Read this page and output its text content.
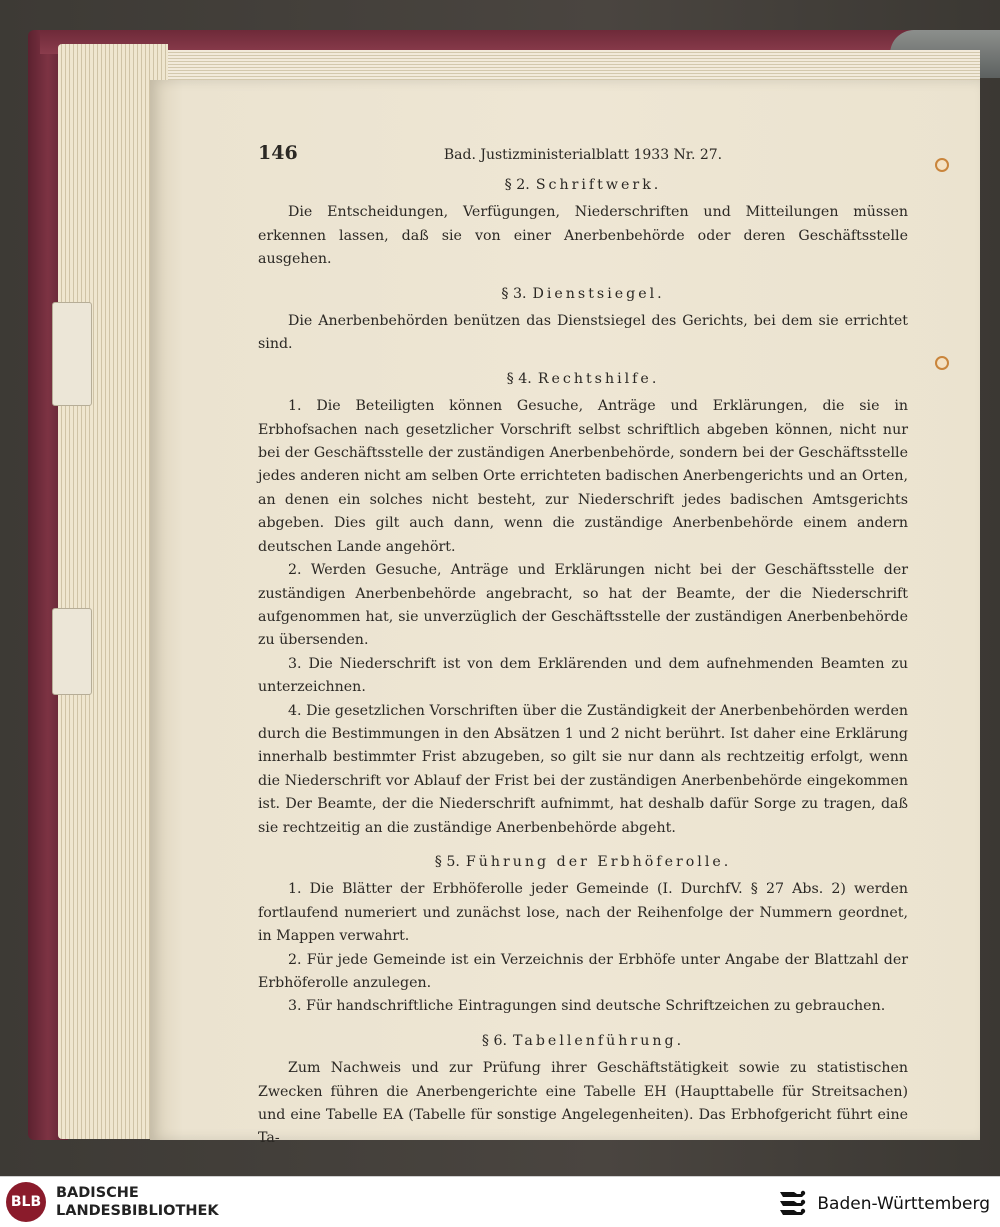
146	Bad. Justizministerialblatt 1933 Nr. 27.
§ 2. Schriftwerk.

Die Entscheidungen, Verfügungen, Niederschriften und Mitteilungen müssen erkennen lassen, daß sie von einer Anerbenbehörde oder deren Geschäftsstelle ausgehen.

§ 3. Dienstsiegel.

Die Anerbenbehörden benützen das Dienstsiegel des Gerichts, bei dem sie errichtet sind.

§ 4. Rechtshilfe.

1. Die Beteiligten können Gesuche, Anträge und Erklärungen, die sie in Erbhofsachen nach gesetzlicher Vorschrift selbst schriftlich abgeben können, nicht nur bei der Geschäftsstelle der zuständigen Anerbenbehörde, sondern bei der Geschäftsstelle jedes anderen nicht am selben Orte errichteten badischen Anerbengerichts und an Orten, an denen ein solches nicht besteht, zur Niederschrift jedes badischen Amtsgerichts abgeben. Dies gilt auch dann, wenn die zuständige Anerbenbehörde einem andern deutschen Lande angehört.

2. Werden Gesuche, Anträge und Erklärungen nicht bei der Geschäftsstelle der zuständigen Anerbenbehörde angebracht, so hat der Beamte, der die Niederschrift aufgenommen hat, sie unverzüglich der Geschäftsstelle der zuständigen Anerbenbehörde zu übersenden.

3. Die Niederschrift ist von dem Erklärenden und dem aufnehmenden Beamten zu unterzeichnen.

4. Die gesetzlichen Vorschriften über die Zuständigkeit der Anerbenbehörden werden durch die Bestimmungen in den Absätzen 1 und 2 nicht berührt. Ist daher eine Erklärung innerhalb bestimmter Frist abzugeben, so gilt sie nur dann als rechtzeitig erfolgt, wenn die Niederschrift vor Ablauf der Frist bei der zuständigen Anerbenbehörde eingekommen ist. Der Beamte, der die Niederschrift aufnimmt, hat deshalb dafür Sorge zu tragen, daß sie rechtzeitig an die zuständige Anerbenbehörde abgeht.

§ 5. Führung der Erbhöferolle.

1. Die Blätter der Erbhöferolle jeder Gemeinde (I. DurchfV. § 27 Abs. 2) werden fortlaufend numeriert und zunächst lose, nach der Reihenfolge der Nummern geordnet, in Mappen verwahrt.

2. Für jede Gemeinde ist ein Verzeichnis der Erbhöfe unter Angabe der Blattzahl der Erbhöferolle anzulegen.

3. Für handschriftliche Eintragungen sind deutsche Schriftzeichen zu gebrauchen.

§ 6. Tabellenführung.

Zum Nachweis und zur Prüfung ihrer Geschäftstätigkeit sowie zu statistischen Zwecken führen die Anerbengerichte eine Tabelle EH (Haupttabelle für Streitsachen) und eine Tabelle EA (Tabelle für sonstige Angelegenheiten). Das Erbhofgericht führt eine Ta-

BLB
BADISCHE
LANDESBIBLIOTHEK	Baden-Württemberg
